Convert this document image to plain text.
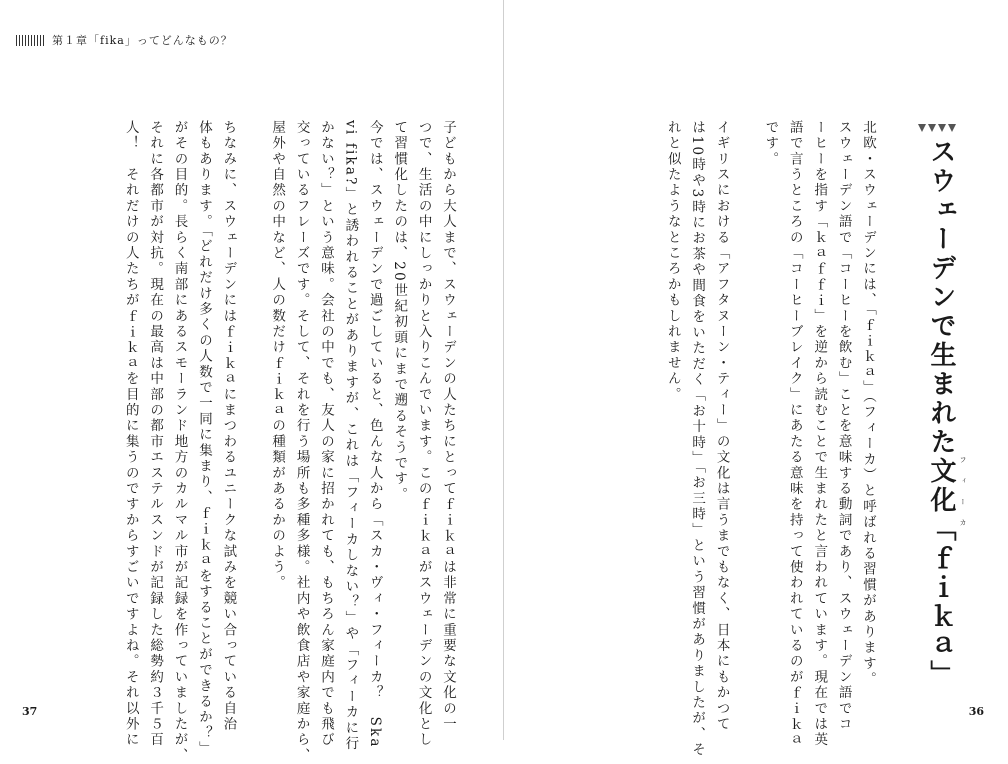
第１章「fika」ってどんなもの？
子どもから大人まで、スウェーデンの人たちにとってｆｉｋａは非常に重要な文化の一
つで、生活の中にしっかりと入りこんでいます。このｆｉｋａがスウェーデンの文化とし
て習慣化したのは、20世紀初頭にまで遡るそうです。
今では、スウェーデンで過ごしていると、色んな人から「スカ・ヴィ・フィーカ？　Ska
vi fika?」と誘われることがありますが、これは「フィーカしない？」や「フィーカに行
かない？」という意味。会社の中でも、友人の家に招かれても、もちろん家庭内でも飛び
交っているフレーズです。そして、それを行う場所も多種多様。社内や飲食店や家庭から、
屋外や自然の中など、人の数だけｆｉｋａの種類があるかのよう。

ちなみに、スウェーデンにはｆｉｋａにまつわるユニークな試みを競い合っている自治
体もあります。「どれだけ多くの人数で一同に集まり、ｆｉｋａをすることができるか？」
がその目的。長らく南部にあるスモーランド地方のカルマル市が記録を作っていましたが、
それに各都市が対抗。現在の最高は中部の都市エステルスンドが記録した総勢約３千５百
人！　それだけの人たちがｆｉｋａを目的に集うのですからすごいですよね。それ以外に
37
スウェーデンで生まれた文化「ｆｉｋａ」 フィーカ
北欧・スウェーデンには、「ｆｉｋａ」（フィーカ）と呼ばれる習慣があります。
スウェーデン語で「コーヒーを飲む」ことを意味する動詞であり、スウェーデン語でコ
ーヒーを指す「ｋａｆｆｉ」を逆から読むことで生まれたと言われています。現在では英
語で言うところの「コーヒーブレイク」にあたる意味を持って使われているのがｆｉｋａ
です。

イギリスにおける「アフタヌーン・ティー」の文化は言うまでもなく、日本にもかつて
は10時や3時にお茶や間食をいただく「お十時」「お三時」という習慣がありましたが、そ
れと似たようなところかもしれません。
36
